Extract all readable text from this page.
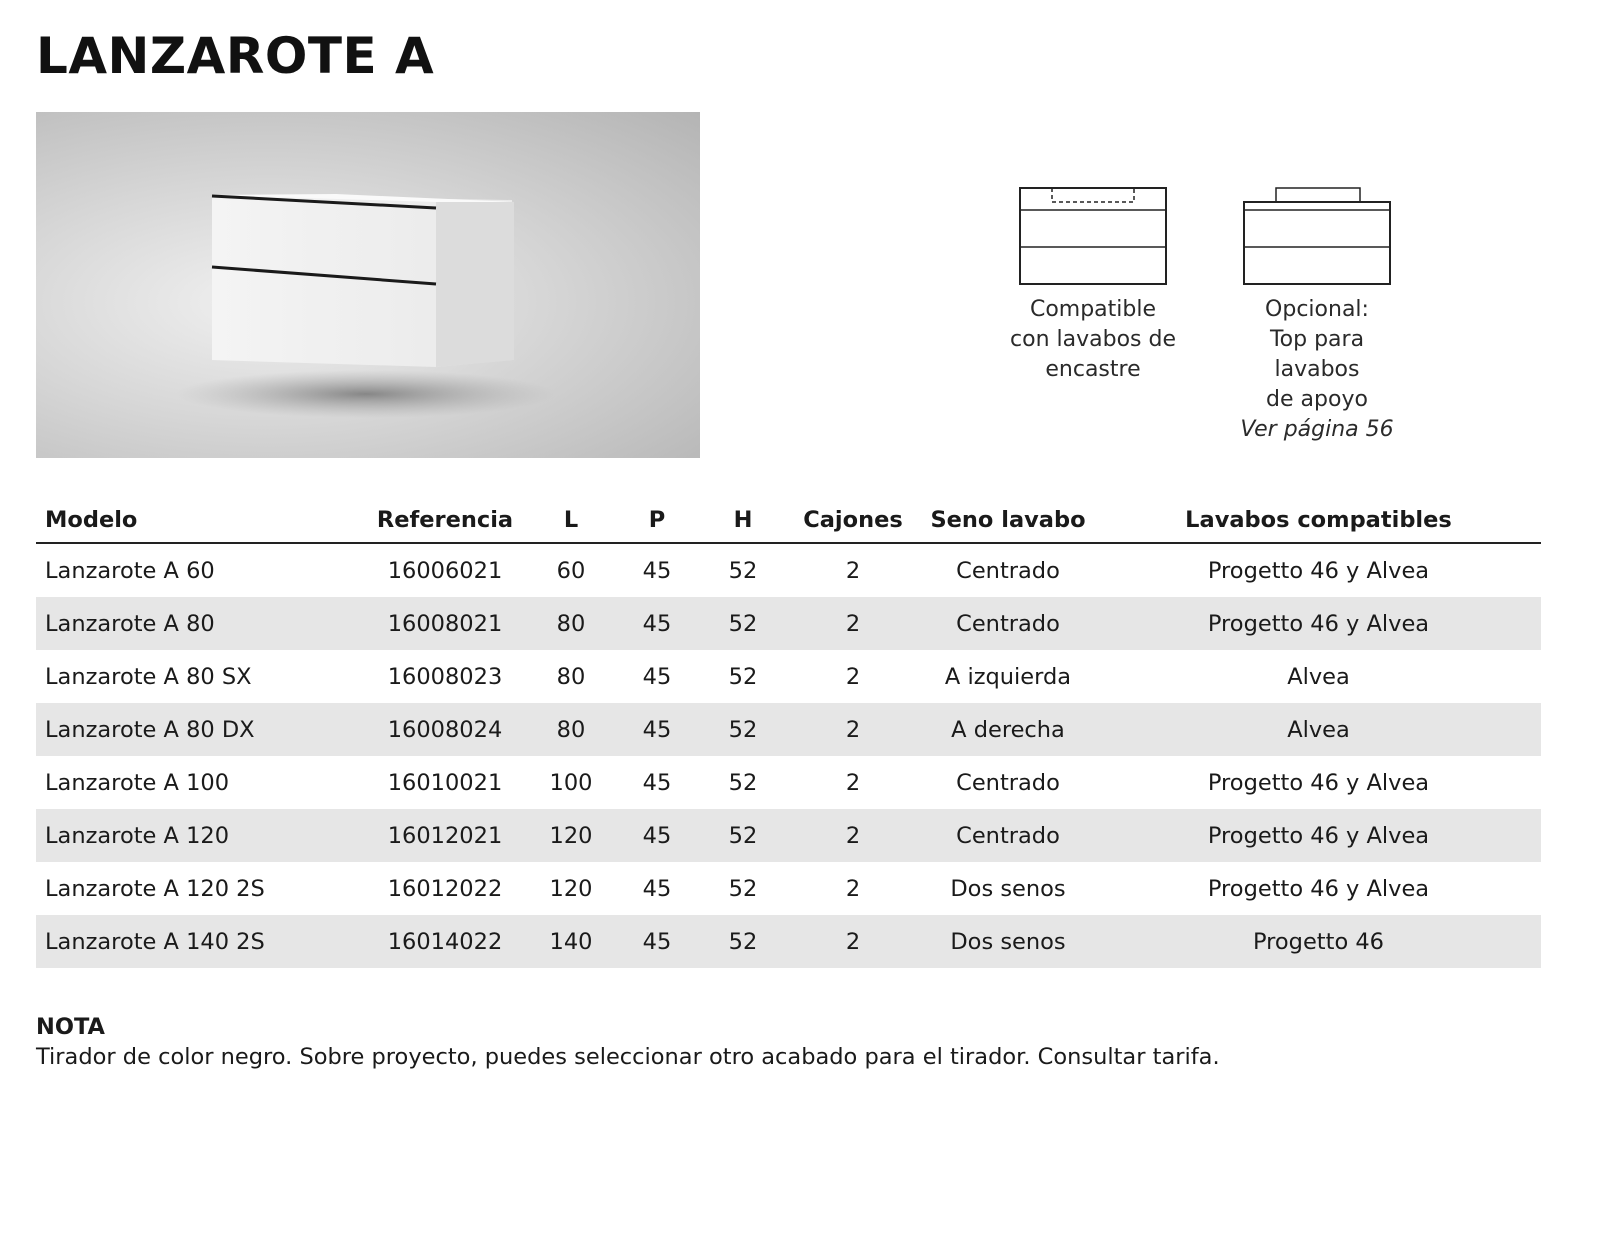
LANZAROTE A
Compatible
con lavabos de
encastre
Opcional:
Top para lavabos
de apoyo
Ver página 56
Modelo	Referencia	L	P	H	Cajones	Seno lavabo	Lavabos compatibles
Lanzarote A 60	16006021	60	45	52	2	Centrado	Progetto 46 y Alvea
Lanzarote A 80	16008021	80	45	52	2	Centrado	Progetto 46 y Alvea
Lanzarote A 80 SX	16008023	80	45	52	2	A izquierda	Alvea
Lanzarote A 80 DX	16008024	80	45	52	2	A derecha	Alvea
Lanzarote A 100	16010021	100	45	52	2	Centrado	Progetto 46 y Alvea
Lanzarote A 120	16012021	120	45	52	2	Centrado	Progetto 46 y Alvea
Lanzarote A 120 2S	16012022	120	45	52	2	Dos senos	Progetto 46 y Alvea
Lanzarote A 140 2S	16014022	140	45	52	2	Dos senos	Progetto 46
NOTA
Tirador de color negro. Sobre proyecto, puedes seleccionar otro acabado para el tirador. Consultar tarifa.
